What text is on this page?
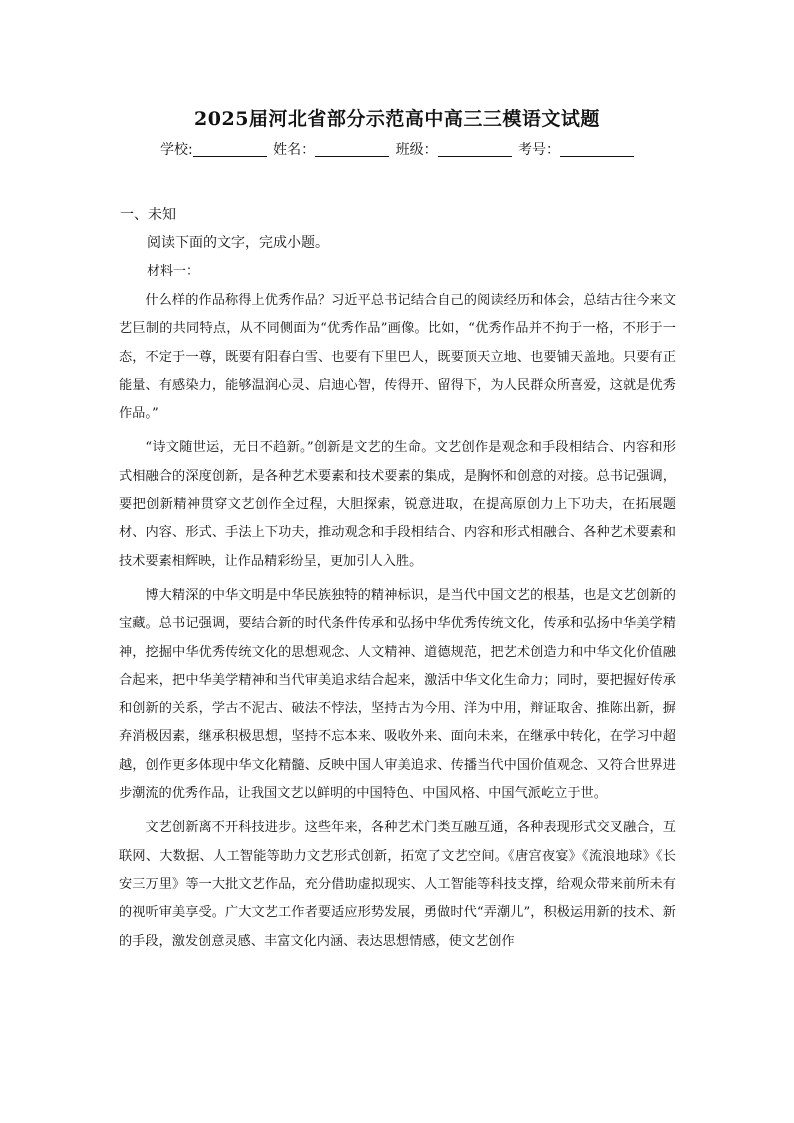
2025届河北省部分示范高中高三三模语文试题
学校:	姓名：	班级：	考号：
一、未知
阅读下面的文字，完成小题。
材料一：

什么样的作品称得上优秀作品？习近平总书记结合自己的阅读经历和体会，总结古往今来文艺巨制的共同特点，从不同侧面为“优秀作品”画像。比如，“优秀作品并不拘于一格，不形于一态，不定于一尊，既要有阳春白雪、也要有下里巴人，既要顶天立地、也要铺天盖地。只要有正能量、有感染力，能够温润心灵、启迪心智，传得开、留得下，为人民群众所喜爱，这就是优秀作品。”

“诗文随世运，无日不趋新。”创新是文艺的生命。文艺创作是观念和手段相结合、内容和形式相融合的深度创新，是各种艺术要素和技术要素的集成，是胸怀和创意的对接。总书记强调，要把创新精神贯穿文艺创作全过程，大胆探索，锐意进取，在提高原创力上下功夫，在拓展题材、内容、形式、手法上下功夫，推动观念和手段相结合、内容和形式相融合、各种艺术要素和技术要素相辉映，让作品精彩纷呈，更加引人入胜。

博大精深的中华文明是中华民族独特的精神标识，是当代中国文艺的根基，也是文艺创新的宝藏。总书记强调，要结合新的时代条件传承和弘扬中华优秀传统文化，传承和弘扬中华美学精神，挖掘中华优秀传统文化的思想观念、人文精神、道德规范，把艺术创造力和中华文化价值融合起来，把中华美学精神和当代审美追求结合起来，激活中华文化生命力；同时，要把握好传承和创新的关系，学古不泥古、破法不悖法，坚持古为今用、洋为中用，辩证取舍、推陈出新，摒弃消极因素，继承积极思想，坚持不忘本来、吸收外来、面向未来，在继承中转化，在学习中超越，创作更多体现中华文化精髓、反映中国人审美追求、传播当代中国价值观念、又符合世界进步潮流的优秀作品，让我国文艺以鲜明的中国特色、中国风格、中国气派屹立于世。

文艺创新离不开科技进步。这些年来，各种艺术门类互融互通，各种表现形式交叉融合，互联网、大数据、人工智能等助力文艺形式创新，拓宽了文艺空间。《唐宫夜宴》《流浪地球》《长安三万里》等一大批文艺作品，充分借助虚拟现实、人工智能等科技支撑，给观众带来前所未有的视听审美享受。广大文艺工作者要适应形势发展，勇做时代“弄潮儿”，积极运用新的技术、新的手段，激发创意灵感、丰富文化内涵、表达思想情感，使文艺创作
